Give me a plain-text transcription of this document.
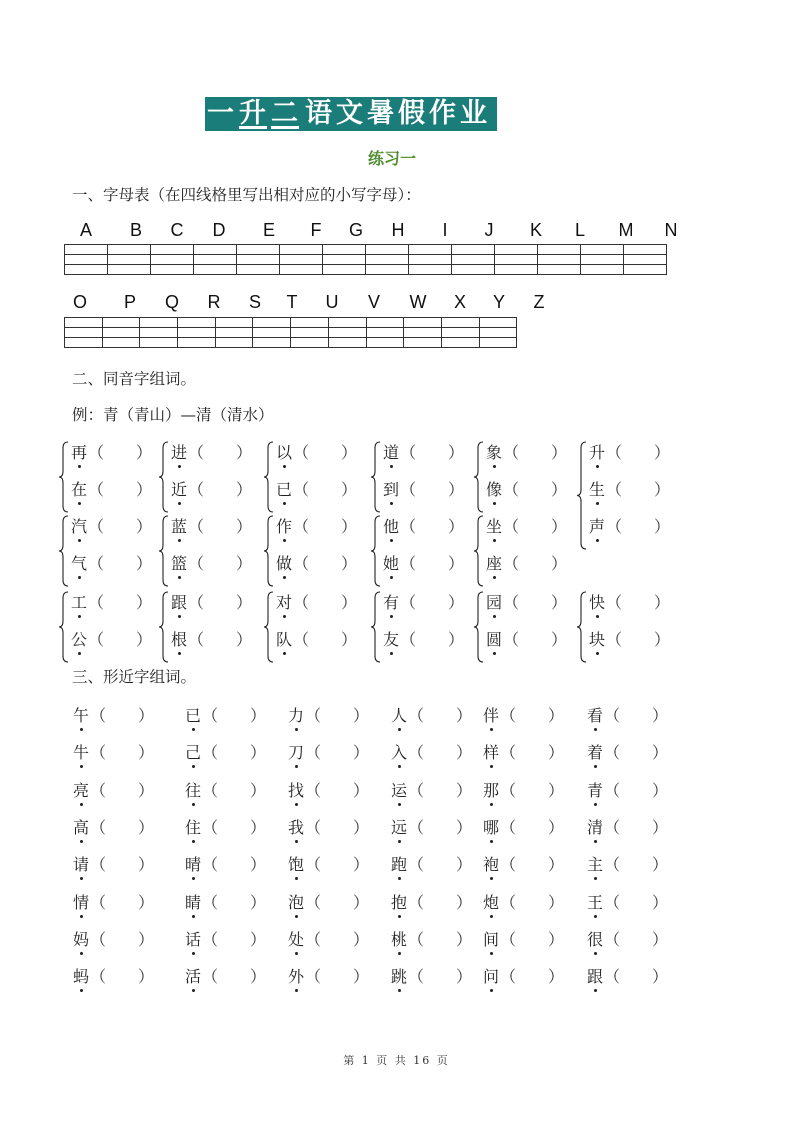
一 升 二 语文暑假作业
练习一
一、字母表（在四线格里写出相对应的小写字母）：
A B C D E F G H	I	J	K L M N

O P Q R S T U V W X Y Z

二、同音字组词。
例：青（青山）—清（清水）
再 （　　）
在 （　　）
进 （　　）
近 （　　）
以 （　　）
已 （　　）
道 （　　）
到 （　　）
象 （　　）
像 （　　）
升 （　　）
生 （　　）
声 （　　）
汽 （　　）
气 （　　）
蓝 （　　）
篮 （　　）
作 （　　）
做 （　　）
他 （　　）
她 （　　）
坐 （　　）
座 （　　）
工 （　　）
公 （　　）
跟 （　　）
根 （　　）
对 （　　）
队 （　　）
有 （　　）
友 （　　）
园 （　　）
圆 （　　）
快 （　　）
块 （　　）
三、形近字组词。
午（　　） 已（　　） 力（　　） 人（　　） 伴（　　） 看（　　）
牛（　　） 己（　　） 刀（　　） 入（　　） 样（　　） 着（　　）
亮（　　） 往（　　） 找（　　） 运（　　） 那（　　） 青（　　）
高（　　） 住（　　） 我（　　） 远（　　） 哪（　　） 清（　　）
请（　　） 晴（　　） 饱（　　） 跑（　　） 袍（　　） 主（　　）
情（　　） 睛（　　） 泡（　　） 抱（　　） 炮（　　） 王（　　）
妈（　　） 话（　　） 处（　　） 桃（　　） 间（　　） 很（　　）
蚂（　　） 活（　　） 外（　　） 跳（　　） 问（　　） 跟（　　）
第 1 页 共 16 页
